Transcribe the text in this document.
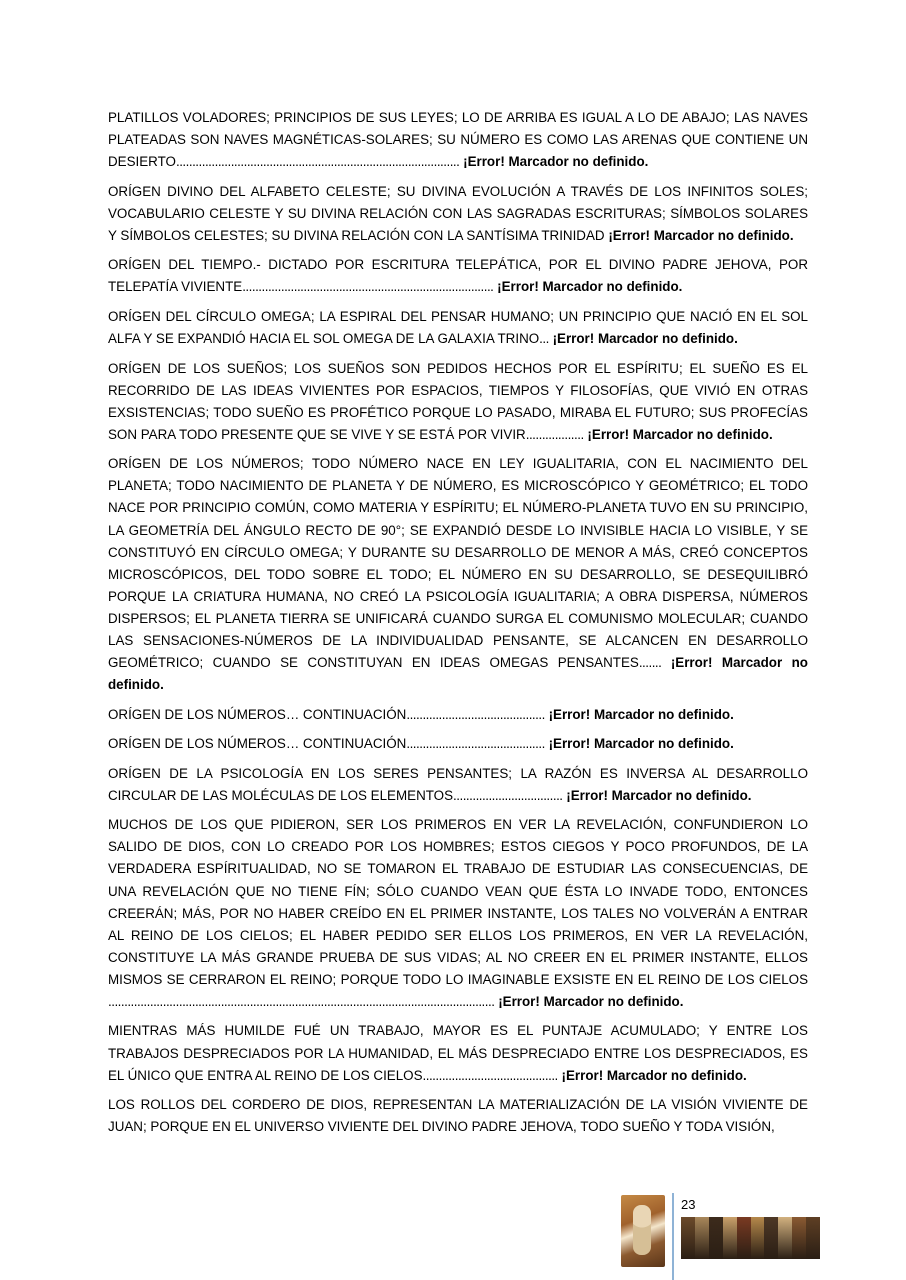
PLATILLOS VOLADORES; PRINCIPIOS DE SUS LEYES; LO DE ARRIBA ES IGUAL A LO DE ABAJO; LAS NAVES PLATEADAS SON NAVES MAGNÉTICAS-SOLARES; SU NÚMERO ES COMO LAS ARENAS QUE CONTIENE UN DESIERTO........................................................................................ ¡Error! Marcador no definido.
ORÍGEN DIVINO DEL ALFABETO CELESTE; SU DIVINA EVOLUCIÓN A TRAVÉS DE LOS INFINITOS SOLES; VOCABULARIO CELESTE Y SU DIVINA RELACIÓN CON LAS SAGRADAS ESCRITURAS; SÍMBOLOS SOLARES Y SÍMBOLOS CELESTES; SU DIVINA RELACIÓN CON LA SANTÍSIMA TRINIDAD ¡Error! Marcador no definido.
ORÍGEN DEL TIEMPO.- DICTADO POR ESCRITURA TELEPÁTICA, POR EL DIVINO PADRE JEHOVA, POR TELEPATÍA VIVIENTE.............................................................................. ¡Error! Marcador no definido.
ORÍGEN DEL CÍRCULO OMEGA; LA ESPIRAL DEL PENSAR HUMANO; UN PRINCIPIO QUE NACIÓ EN EL SOL ALFA Y SE EXPANDIÓ HACIA EL SOL OMEGA DE LA GALAXIA TRINO... ¡Error! Marcador no definido.
ORÍGEN DE LOS SUEÑOS; LOS SUEÑOS SON PEDIDOS HECHOS POR EL ESPÍRITU; EL SUEÑO ES EL RECORRIDO DE LAS IDEAS VIVIENTES POR ESPACIOS, TIEMPOS Y FILOSOFÍAS, QUE VIVIÓ EN OTRAS EXSISTENCIAS; TODO SUEÑO ES PROFÉTICO PORQUE LO PASADO, MIRABA EL FUTURO; SUS PROFECÍAS SON PARA TODO PRESENTE QUE SE VIVE Y SE ESTÁ POR VIVIR.................. ¡Error! Marcador no definido.
ORÍGEN DE LOS NÚMEROS; TODO NÚMERO NACE EN LEY IGUALITARIA, CON EL NACIMIENTO DEL PLANETA; TODO NACIMIENTO DE PLANETA Y DE NÚMERO, ES MICROSCÓPICO Y GEOMÉTRICO; EL TODO NACE POR PRINCIPIO COMÚN, COMO MATERIA Y ESPÍRITU; EL NÚMERO-PLANETA TUVO EN SU PRINCIPIO, LA GEOMETRÍA DEL ÁNGULO RECTO DE 90°; SE EXPANDIÓ DESDE LO INVISIBLE HACIA LO VISIBLE, Y SE CONSTITUYÓ EN CÍRCULO OMEGA; Y DURANTE SU DESARROLLO DE MENOR A MÁS, CREÓ CONCEPTOS MICROSCÓPICOS, DEL TODO SOBRE EL TODO; EL NÚMERO EN SU DESARROLLO, SE DESEQUILIBRÓ PORQUE LA CRIATURA HUMANA, NO CREÓ LA PSICOLOGÍA IGUALITARIA; A OBRA DISPERSA, NÚMEROS DISPERSOS; EL PLANETA TIERRA SE UNIFICARÁ CUANDO SURGA EL COMUNISMO MOLECULAR; CUANDO LAS SENSACIONES-NÚMEROS DE LA INDIVIDUALIDAD PENSANTE, SE ALCANCEN EN DESARROLLO GEOMÉTRICO; CUANDO SE CONSTITUYAN EN IDEAS OMEGAS PENSANTES....... ¡Error! Marcador no definido.
ORÍGEN DE LOS NÚMEROS… CONTINUACIÓN........................................... ¡Error! Marcador no definido.
ORÍGEN DE LOS NÚMEROS… CONTINUACIÓN........................................... ¡Error! Marcador no definido.
ORÍGEN DE LA PSICOLOGÍA EN LOS SERES PENSANTES; LA RAZÓN ES INVERSA AL DESARROLLO CIRCULAR DE LAS MOLÉCULAS DE LOS ELEMENTOS.................................. ¡Error! Marcador no definido.
MUCHOS DE LOS QUE PIDIERON, SER LOS PRIMEROS EN VER LA REVELACIÓN, CONFUNDIERON LO SALIDO DE DIOS, CON LO CREADO POR LOS HOMBRES; ESTOS CIEGOS Y POCO PROFUNDOS, DE LA VERDADERA ESPÍRITUALIDAD, NO SE TOMARON EL TRABAJO DE ESTUDIAR LAS CONSECUENCIAS, DE UNA REVELACIÓN QUE NO TIENE FÍN; SÓLO CUANDO VEAN QUE ÉSTA LO INVADE TODO, ENTONCES CREERÁN; MÁS, POR NO HABER CREÍDO EN EL PRIMER INSTANTE, LOS TALES NO VOLVERÁN A ENTRAR AL REINO DE LOS CIELOS; EL HABER PEDIDO SER ELLOS LOS PRIMEROS, EN VER LA REVELACIÓN, CONSTITUYE LA MÁS GRANDE PRUEBA DE SUS VIDAS; AL NO CREER EN EL PRIMER INSTANTE, ELLOS MISMOS SE CERRARON EL REINO; PORQUE TODO LO IMAGINABLE EXSISTE EN EL REINO DE LOS CIELOS ........................................................................................................................ ¡Error! Marcador no definido.
MIENTRAS MÁS HUMILDE FUÉ UN TRABAJO, MAYOR ES EL PUNTAJE ACUMULADO; Y ENTRE LOS TRABAJOS DESPRECIADOS POR LA HUMANIDAD, EL MÁS DESPRECIADO ENTRE LOS DESPRECIADOS, ES EL ÚNICO QUE ENTRA AL REINO DE LOS CIELOS.......................................... ¡Error! Marcador no definido.
LOS ROLLOS DEL CORDERO DE DIOS, REPRESENTAN LA MATERIALIZACIÓN DE LA VISIÓN VIVIENTE DE JUAN; PORQUE EN EL UNIVERSO VIVIENTE DEL DIVINO PADRE JEHOVA, TODO SUEÑO Y TODA VISIÓN,
23
